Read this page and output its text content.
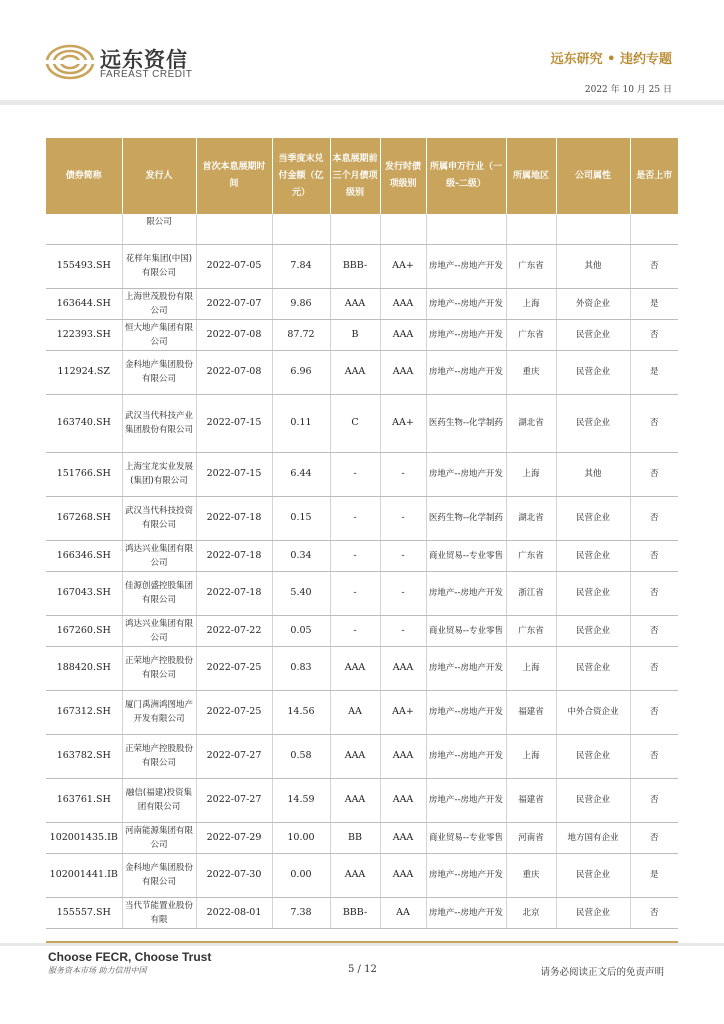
远东资信
FAREAST CREDIT
远东研究 • 违约专题
2022 年 10 月 25 日
债券简称	发行人	首次本息展期时间	当季度末兑付金额（亿元）	本息展期前三个月债项级别	发行时债项级别	所属申万行业（一级-二级）	所属地区	公司属性	是否上市
	限公司								
155493.SH	花样年集团(中国)有限公司	2022-07-05	7.84	BBB-	AA+	房地产--房地产开发	广东省	其他	否
163644.SH	上海世茂股份有限公司	2022-07-07	9.86	AAA	AAA	房地产--房地产开发	上海	外资企业	是
122393.SH	恒大地产集团有限公司	2022-07-08	87.72	B	AAA	房地产--房地产开发	广东省	民营企业	否
112924.SZ	金科地产集团股份有限公司	2022-07-08	6.96	AAA	AAA	房地产--房地产开发	重庆	民营企业	是
163740.SH	武汉当代科技产业集团股份有限公司	2022-07-15	0.11	C	AA+	医药生物--化学制药	湖北省	民营企业	否
151766.SH	上海宝龙实业发展(集团)有限公司	2022-07-15	6.44	-	-	房地产--房地产开发	上海	其他	否
167268.SH	武汉当代科技投资有限公司	2022-07-18	0.15	-	-	医药生物--化学制药	湖北省	民营企业	否
166346.SH	鸿达兴业集团有限公司	2022-07-18	0.34	-	-	商业贸易--专业零售	广东省	民营企业	否
167043.SH	佳源创盛控股集团有限公司	2022-07-18	5.40	-	-	房地产--房地产开发	浙江省	民营企业	否
167260.SH	鸿达兴业集团有限公司	2022-07-22	0.05	-	-	商业贸易--专业零售	广东省	民营企业	否
188420.SH	正荣地产控股股份有限公司	2022-07-25	0.83	AAA	AAA	房地产--房地产开发	上海	民营企业	否
167312.SH	厦门禹洲鸿图地产开发有限公司	2022-07-25	14.56	AA	AA+	房地产--房地产开发	福建省	中外合资企业	否
163782.SH	正荣地产控股股份有限公司	2022-07-27	0.58	AAA	AAA	房地产--房地产开发	上海	民营企业	否
163761.SH	融信(福建)投资集团有限公司	2022-07-27	14.59	AAA	AAA	房地产--房地产开发	福建省	民营企业	否
102001435.IB	河南能源集团有限公司	2022-07-29	10.00	BB	AAA	商业贸易--专业零售	河南省	地方国有企业	否
102001441.IB	金科地产集团股份有限公司	2022-07-30	0.00	AAA	AAA	房地产--房地产开发	重庆	民营企业	是
155557.SH	当代节能置业股份有限	2022-08-01	7.38	BBB-	AA	房地产--房地产开发	北京	民营企业	否
Choose FECR, Choose Trust
服务资本市场 助力信用中国	5 / 12	请务必阅读正文后的免责声明
